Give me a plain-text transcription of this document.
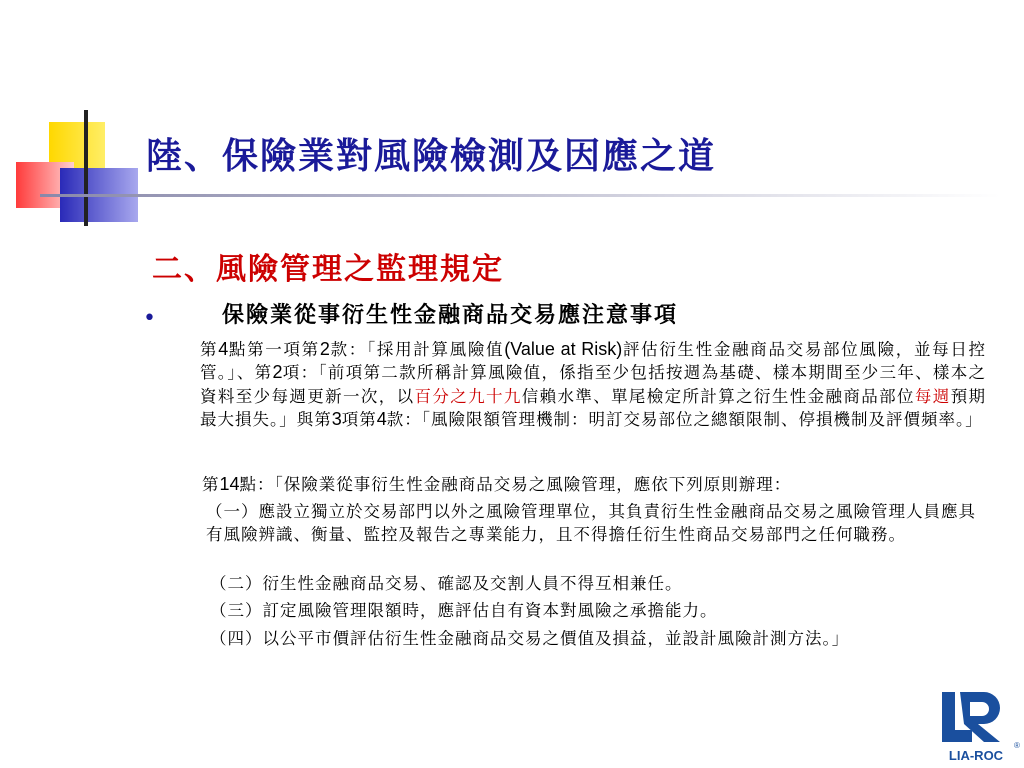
陸、保險業對風險檢測及因應之道
二、風險管理之監理規定
•	保險業從事衍生性金融商品交易應注意事項

第4點第一項第2款：「採用計算風險值(Value at Risk)評估衍生性金融商品交易部位風險，並每日控管。」、第2項：「前項第二款所稱計算風險值，係指至少包括按週為基礎、樣本期間至少三年、樣本之資料至少每週更新一次，以百分之九十九信賴水準、單尾檢定所計算之衍生性金融商品部位每週預期最大損失。」與第3項第4款：「風險限額管理機制：明訂交易部位之總額限制、停損機制及評價頻率。」

第14點：「保險業從事衍生性金融商品交易之風險管理，應依下列原則辦理：

（一）應設立獨立於交易部門以外之風險管理單位，其負責衍生性金融商品交易之風險管理人員應具有風險辨識、衡量、監控及報告之專業能力，且不得擔任衍生性商品交易部門之任何職務。

（二）衍生性金融商品交易、確認及交割人員不得互相兼任。

（三）訂定風險管理限額時，應評估自有資本對風險之承擔能力。

（四）以公平市價評估衍生性金融商品交易之價值及損益，並設計風險計測方法。」

LIA-ROC
®
